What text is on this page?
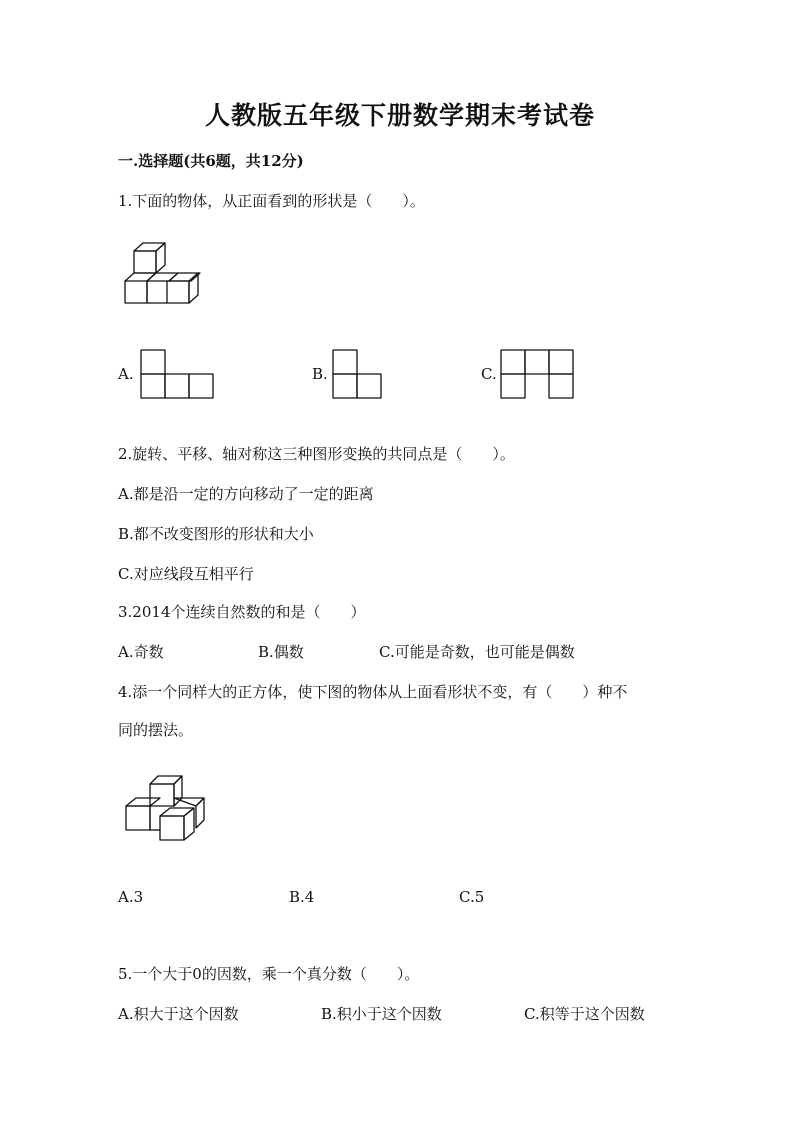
人教版五年级下册数学期末考试卷
一.选择题(共6题，共12分)
1.下面的物体，从正面看到的形状是（　　）。
A.	B.	C.
2.旋转、平移、轴对称这三种图形变换的共同点是（　　）。
A.都是沿一定的方向移动了一定的距离
B.都不改变图形的形状和大小
C.对应线段互相平行
3.2014个连续自然数的和是（　　）
A.奇数	B.偶数	C.可能是奇数，也可能是偶数
4.添一个同样大的正方体，使下图的物体从上面看形状不变，有（　　）种不
同的摆法。
A.3	B.4	C.5
5.一个大于0的因数，乘一个真分数（　　）。
A.积大于这个因数	B.积小于这个因数	C.积等于这个因数
